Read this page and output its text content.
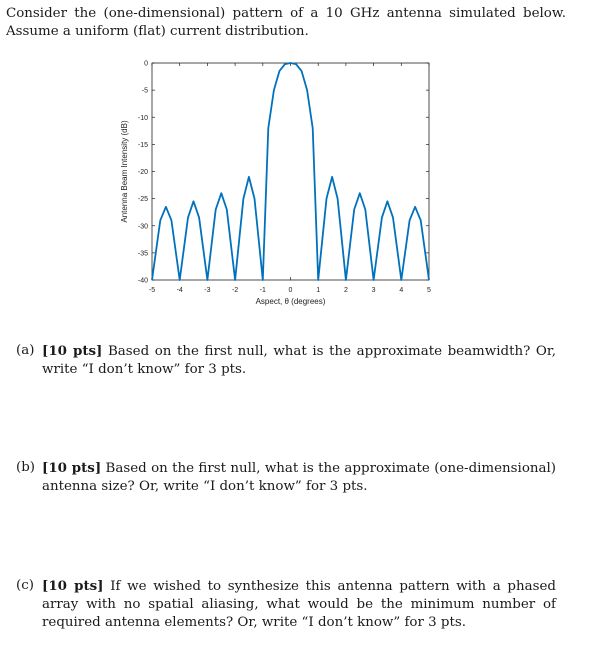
Consider the (one-dimensional) pattern of a 10 GHz antenna simulated below. Assume a uniform (flat) current distribution.
-5	-4	-3	-2	-1	0	1	2	3	4	5
0
-5
-10
-15
-20
-25
-30
-35
-40
Aspect, θ (degrees)
Antenna Beam Intensity (dB)
(a) [10 pts] Based on the first null, what is the approximate beamwidth? Or, write “I don’t know” for 3 pts.
(b) [10 pts] Based on the first null, what is the approximate (one-dimensional) antenna size? Or, write “I don’t know” for 3 pts.
(c) [10 pts] If we wished to synthesize this antenna pattern with a phased array with no spatial aliasing, what would be the minimum number of required antenna elements? Or, write “I don’t know” for 3 pts.
